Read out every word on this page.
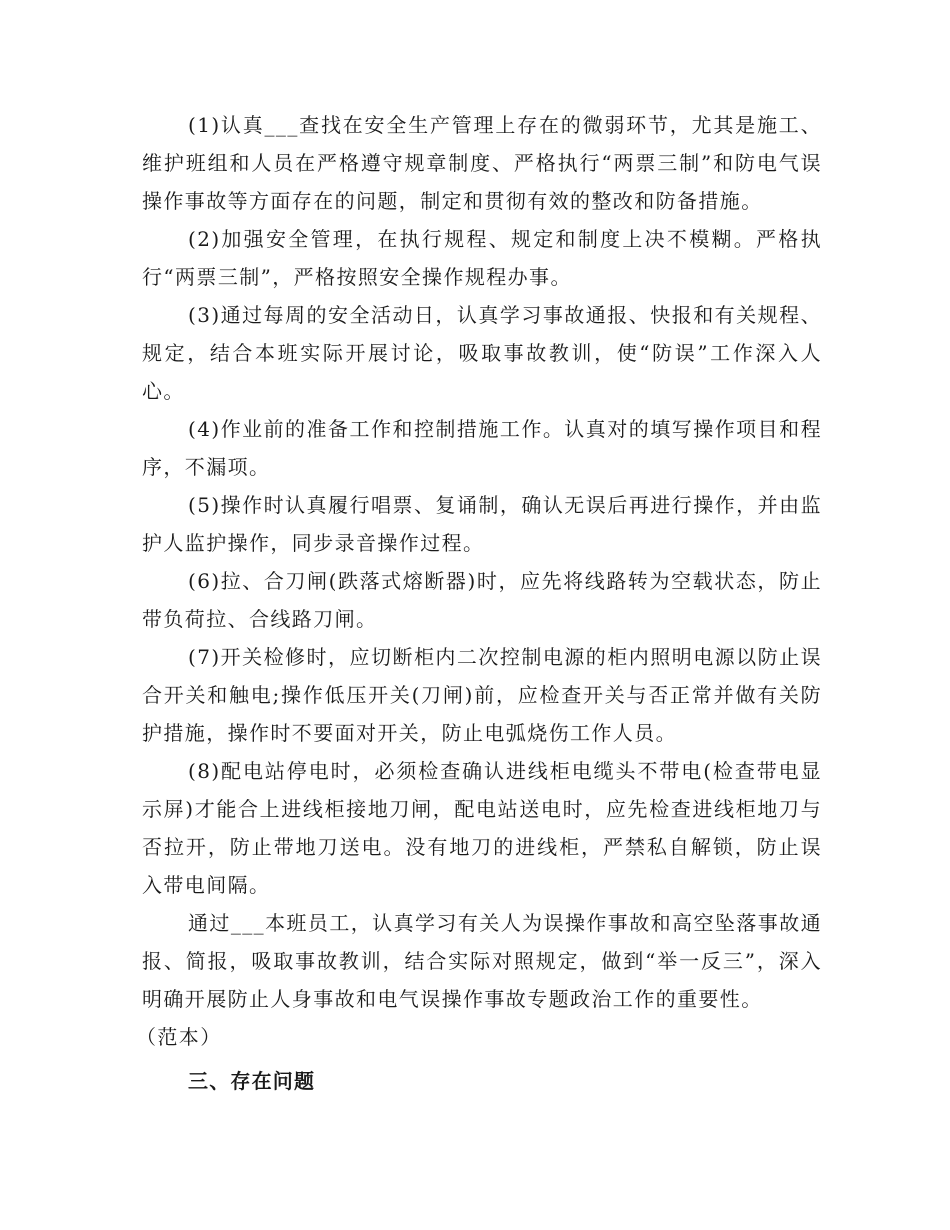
(1)认真___查找在安全生产管理上存在的微弱环节，尤其是施工、维护班组和人员在严格遵守规章制度、严格执行“两票三制”和防电气误操作事故等方面存在的问题，制定和贯彻有效的整改和防备措施。

(2)加强安全管理，在执行规程、规定和制度上决不模糊。严格执行“两票三制”，严格按照安全操作规程办事。

(3)通过每周的安全活动日，认真学习事故通报、快报和有关规程、规定，结合本班实际开展讨论，吸取事故教训，使“防误”工作深入人心。

(4)作业前的准备工作和控制措施工作。认真对的填写操作项目和程序，不漏项。

(5)操作时认真履行唱票、复诵制，确认无误后再进行操作，并由监护人监护操作，同步录音操作过程。

(6)拉、合刀闸(跌落式熔断器)时，应先将线路转为空载状态，防止带负荷拉、合线路刀闸。

(7)开关检修时，应切断柜内二次控制电源的柜内照明电源以防止误合开关和触电;操作低压开关(刀闸)前，应检查开关与否正常并做有关防护措施，操作时不要面对开关，防止电弧烧伤工作人员。

(8)配电站停电时，必须检查确认进线柜电缆头不带电(检查带电显示屏)才能合上进线柜接地刀闸，配电站送电时，应先检查进线柜地刀与否拉开，防止带地刀送电。没有地刀的进线柜，严禁私自解锁，防止误入带电间隔。

通过___本班员工，认真学习有关人为误操作事故和高空坠落事故通报、简报，吸取事故教训，结合实际对照规定，做到“举一反三”，深入明确开展防止人身事故和电气误操作事故专题政治工作的重要性。

（范本）

三、存在问题
